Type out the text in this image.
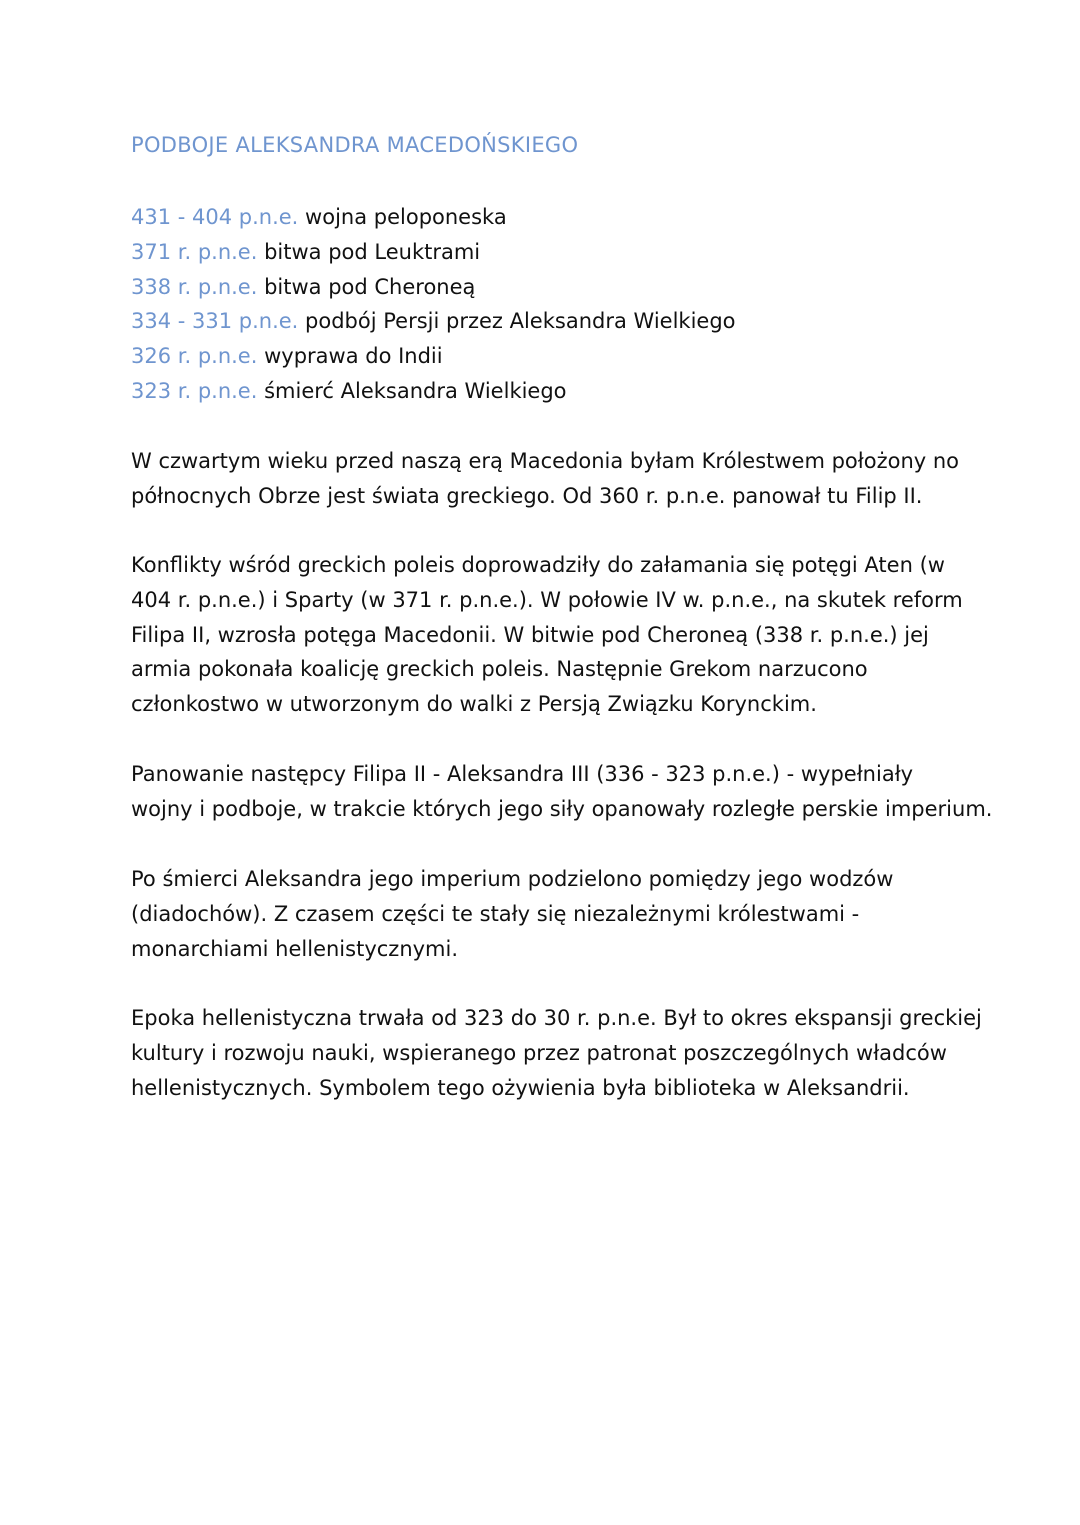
PODBOJE ALEKSANDRA MACEDOŃSKIEGO
431 - 404 p.n.e. wojna peloponeska
371 r. p.n.e. bitwa pod Leuktrami
338 r. p.n.e. bitwa pod Cheroneą
334 - 331 p.n.e. podbój Persji przez Aleksandra Wielkiego
326 r. p.n.e. wyprawa do Indii
323 r. p.n.e. śmierć Aleksandra Wielkiego

W czwartym wieku przed naszą erą Macedonia byłam Królestwem położony no
północnych Obrze jest świata greckiego. Od 360 r. p.n.e. panował tu Filip II.

Konflikty wśród greckich poleis doprowadziły do załamania się potęgi Aten (w
404 r. p.n.e.) i Sparty (w 371 r. p.n.e.). W połowie IV w. p.n.e., na skutek reform
Filipa II, wzrosła potęga Macedonii. W bitwie pod Cheroneą (338 r. p.n.e.) jej
armia pokonała koalicję greckich poleis. Następnie Grekom narzucono
członkostwo w utworzonym do walki z Persją Związku Korynckim.

Panowanie następcy Filipa II - Aleksandra III (336 - 323 p.n.e.) - wypełniały
wojny i podboje, w trakcie których jego siły opanowały rozległe perskie imperium.

Po śmierci Aleksandra jego imperium podzielono pomiędzy jego wodzów
(diadochów). Z czasem części te stały się niezależnymi królestwami -
monarchiami hellenistycznymi.

Epoka hellenistyczna trwała od 323 do 30 r. p.n.e. Był to okres ekspansji greckiej
kultury i rozwoju nauki, wspieranego przez patronat poszczególnych władców
hellenistycznych. Symbolem tego ożywienia była biblioteka w Aleksandrii.
